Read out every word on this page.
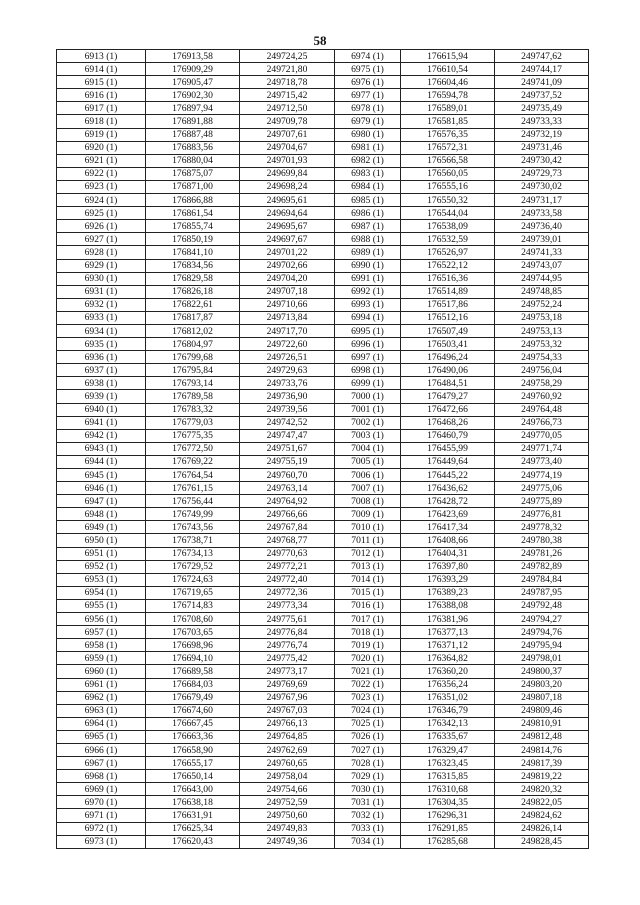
58
6913 (1)	176913,58	249724,25	6974 (1)	176615,94	249747,62
6914 (1)	176909,29	249721,80	6975 (1)	176610,54	249744,17
6915 (1)	176905,47	249718,78	6976 (1)	176604,46	249741,09
6916 (1)	176902,30	249715,42	6977 (1)	176594,78	249737,52
6917 (1)	176897,94	249712,50	6978 (1)	176589,01	249735,49
6918 (1)	176891,88	249709,78	6979 (1)	176581,85	249733,33
6919 (1)	176887,48	249707,61	6980 (1)	176576,35	249732,19
6920 (1)	176883,56	249704,67	6981 (1)	176572,31	249731,46
6921 (1)	176880,04	249701,93	6982 (1)	176566,58	249730,42
6922 (1)	176875,07	249699,84	6983 (1)	176560,05	249729,73
6923 (1)	176871,00	249698,24	6984 (1)	176555,16	249730,02
6924 (1)	176866,88	249695,61	6985 (1)	176550,32	249731,17
6925 (1)	176861,54	249694,64	6986 (1)	176544,04	249733,58
6926 (1)	176855,74	249695,67	6987 (1)	176538,09	249736,40
6927 (1)	176850,19	249697,67	6988 (1)	176532,59	249739,01
6928 (1)	176841,10	249701,22	6989 (1)	176526,97	249741,33
6929 (1)	176834,56	249702,66	6990 (1)	176522,12	249743,07
6930 (1)	176829,58	249704,20	6991 (1)	176516,36	249744,95
6931 (1)	176826,18	249707,18	6992 (1)	176514,89	249748,85
6932 (1)	176822,61	249710,66	6993 (1)	176517,86	249752,24
6933 (1)	176817,87	249713,84	6994 (1)	176512,16	249753,18
6934 (1)	176812,02	249717,70	6995 (1)	176507,49	249753,13
6935 (1)	176804,97	249722,60	6996 (1)	176503,41	249753,32
6936 (1)	176799,68	249726,51	6997 (1)	176496,24	249754,33
6937 (1)	176795,84	249729,63	6998 (1)	176490,06	249756,04
6938 (1)	176793,14	249733,76	6999 (1)	176484,51	249758,29
6939 (1)	176789,58	249736,90	7000 (1)	176479,27	249760,92
6940 (1)	176783,32	249739,56	7001 (1)	176472,66	249764,48
6941 (1)	176779,03	249742,52	7002 (1)	176468,26	249766,73
6942 (1)	176775,35	249747,47	7003 (1)	176460,79	249770,05
6943 (1)	176772,50	249751,67	7004 (1)	176455,99	249771,74
6944 (1)	176769,22	249755,19	7005 (1)	176449,64	249773,40
6945 (1)	176764,54	249760,70	7006 (1)	176445,22	249774,19
6946 (1)	176761,15	249763,14	7007 (1)	176436,62	249775,06
6947 (1)	176756,44	249764,92	7008 (1)	176428,72	249775,89
6948 (1)	176749,99	249766,66	7009 (1)	176423,69	249776,81
6949 (1)	176743,56	249767,84	7010 (1)	176417,34	249778,32
6950 (1)	176738,71	249768,77	7011 (1)	176408,66	249780,38
6951 (1)	176734,13	249770,63	7012 (1)	176404,31	249781,26
6952 (1)	176729,52	249772,21	7013 (1)	176397,80	249782,89
6953 (1)	176724,63	249772,40	7014 (1)	176393,29	249784,84
6954 (1)	176719,65	249772,36	7015 (1)	176389,23	249787,95
6955 (1)	176714,83	249773,34	7016 (1)	176388,08	249792,48
6956 (1)	176708,60	249775,61	7017 (1)	176381,96	249794,27
6957 (1)	176703,65	249776,84	7018 (1)	176377,13	249794,76
6958 (1)	176698,96	249776,74	7019 (1)	176371,12	249795,94
6959 (1)	176694,10	249775,42	7020 (1)	176364,82	249798,01
6960 (1)	176689,58	249773,17	7021 (1)	176360,20	249800,37
6961 (1)	176684,03	249769,69	7022 (1)	176356,24	249803,20
6962 (1)	176679,49	249767,96	7023 (1)	176351,02	249807,18
6963 (1)	176674,60	249767,03	7024 (1)	176346,79	249809,46
6964 (1)	176667,45	249766,13	7025 (1)	176342,13	249810,91
6965 (1)	176663,36	249764,85	7026 (1)	176335,67	249812,48
6966 (1)	176658,90	249762,69	7027 (1)	176329,47	249814,76
6967 (1)	176655,17	249760,65	7028 (1)	176323,45	249817,39
6968 (1)	176650,14	249758,04	7029 (1)	176315,85	249819,22
6969 (1)	176643,00	249754,66	7030 (1)	176310,68	249820,32
6970 (1)	176638,18	249752,59	7031 (1)	176304,35	249822,05
6971 (1)	176631,91	249750,60	7032 (1)	176296,31	249824,62
6972 (1)	176625,34	249749,83	7033 (1)	176291,85	249826,14
6973 (1)	176620,43	249749,36	7034 (1)	176285,68	249828,45
